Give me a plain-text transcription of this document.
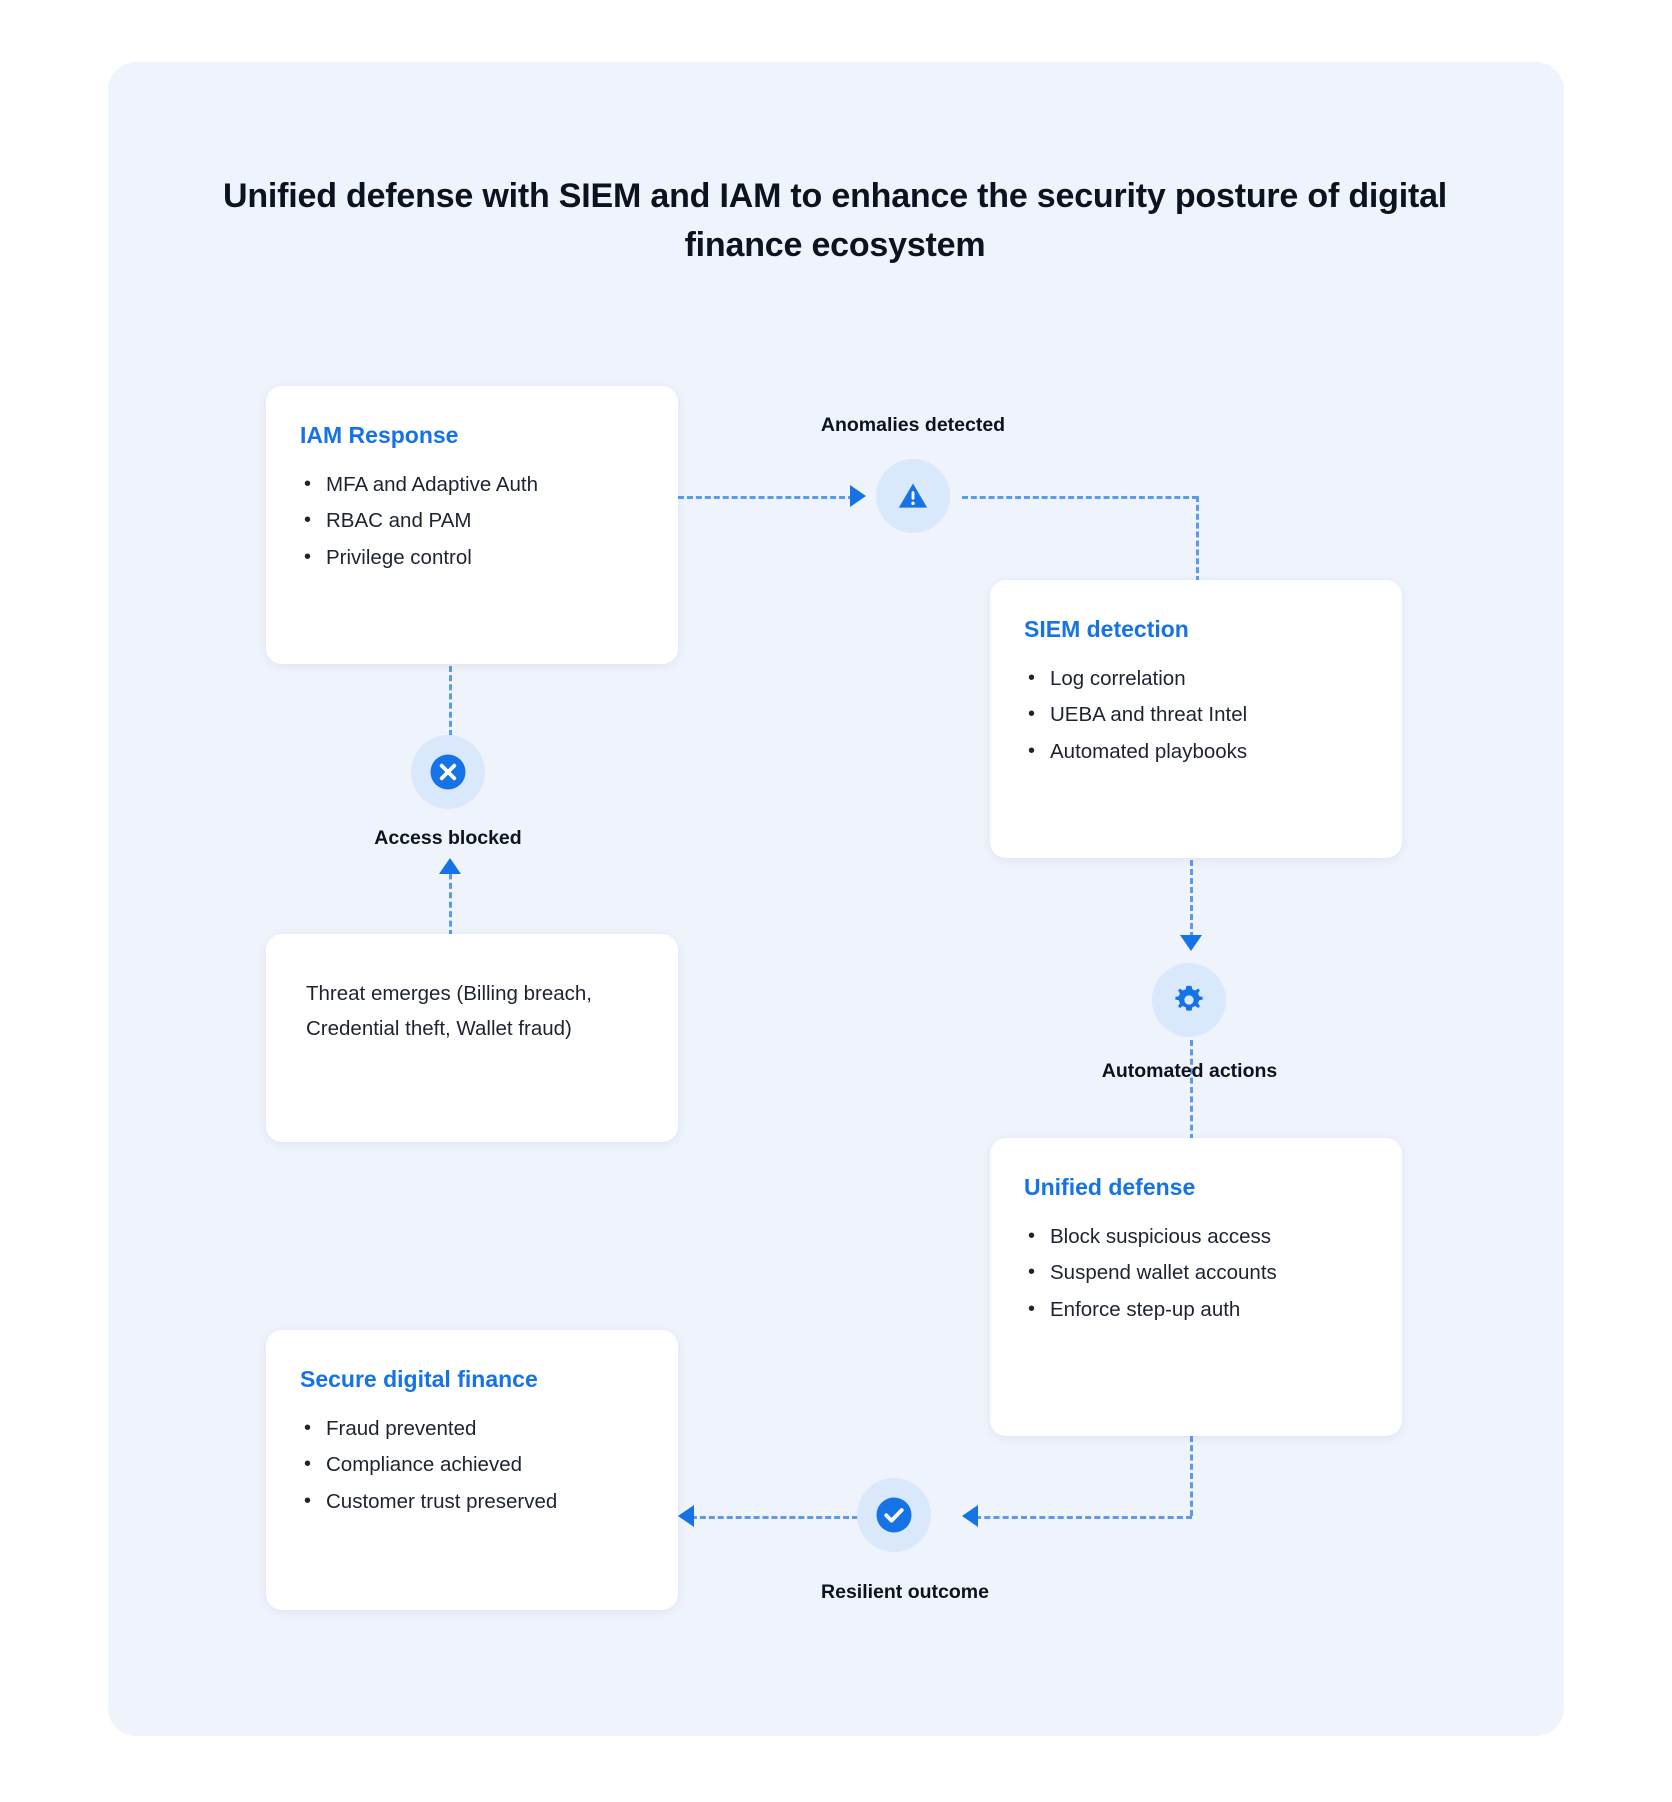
Unified defense with SIEM and IAM to enhance the security posture of digital finance ecosystem
IAM Response
• MFA and Adaptive Auth
• RBAC and PAM
• Privilege control
Threat emerges (Billing breach, Credential theft, Wallet fraud)
Secure digital finance
• Fraud prevented
• Compliance achieved
• Customer trust preserved
SIEM detection
• Log correlation
• UEBA and threat Intel
• Automated playbooks
Unified defense
• Block suspicious access
• Suspend wallet accounts
• Enforce step-up auth
Anomalies detected
Access blocked
Automated actions
Resilient outcome
